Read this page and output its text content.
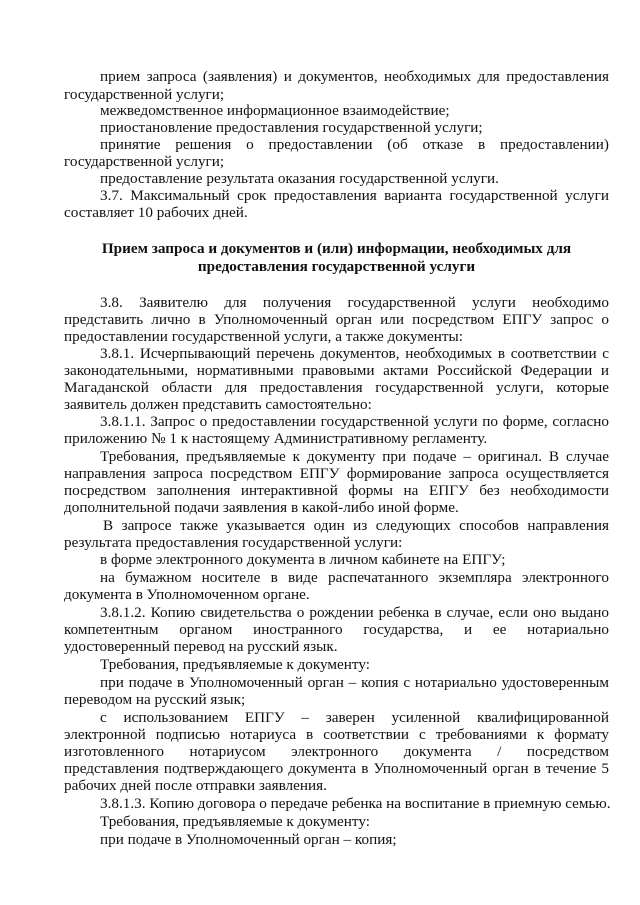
прием запроса (заявления) и документов, необходимых для предоставления

государственной услуги;

межведомственное информационное взаимодействие;

приостановление предоставления государственной услуги;

принятие решения о предоставлении (об отказе в предоставлении)

государственной услуги;

предоставление результата оказания государственной услуги.

3.7. Максимальный срок предоставления варианта государственной услуги

составляет 10 рабочих дней.

Прием запроса и документов и (или) информации, необходимых для

предоставления государственной услуги

3.8. Заявителю для получения государственной услуги необходимо

представить лично в Уполномоченный орган или посредством ЕПГУ запрос о

предоставлении государственной услуги, а также документы:

3.8.1. Исчерпывающий перечень документов, необходимых в соответствии с

законодательными, нормативными правовыми актами Российской Федерации и

Магаданской области для предоставления государственной услуги, которые

заявитель должен представить самостоятельно:

3.8.1.1. Запрос о предоставлении государственной услуги по форме, согласно

приложению № 1 к настоящему Административному регламенту.

Требования, предъявляемые к документу при подаче – оригинал. В случае

направления запроса посредством ЕПГУ формирование запроса осуществляется

посредством заполнения интерактивной формы на ЕПГУ без необходимости

дополнительной подачи заявления в какой-либо иной форме.

В запросе также указывается один из следующих способов направления

результата предоставления государственной услуги:

в форме электронного документа в личном кабинете на ЕПГУ;

на бумажном носителе в виде распечатанного экземпляра электронного

документа в Уполномоченном органе.

3.8.1.2. Копию свидетельства о рождении ребенка в случае, если оно выдано

компетентным органом иностранного государства, и ее нотариально

удостоверенный перевод на русский язык.

Требования, предъявляемые к документу:

при подаче в Уполномоченный орган – копия с нотариально удостоверенным

переводом на русский язык;

с использованием ЕПГУ – заверен усиленной квалифицированной

электронной подписью нотариуса в соответствии с требованиями к формату

изготовленного нотариусом электронного документа / посредством

представления подтверждающего документа в Уполномоченный орган в течение 5

рабочих дней после отправки заявления.

3.8.1.3. Копию договора о передаче ребенка на воспитание в приемную семью.

Требования, предъявляемые к документу:

при подаче в Уполномоченный орган – копия;
